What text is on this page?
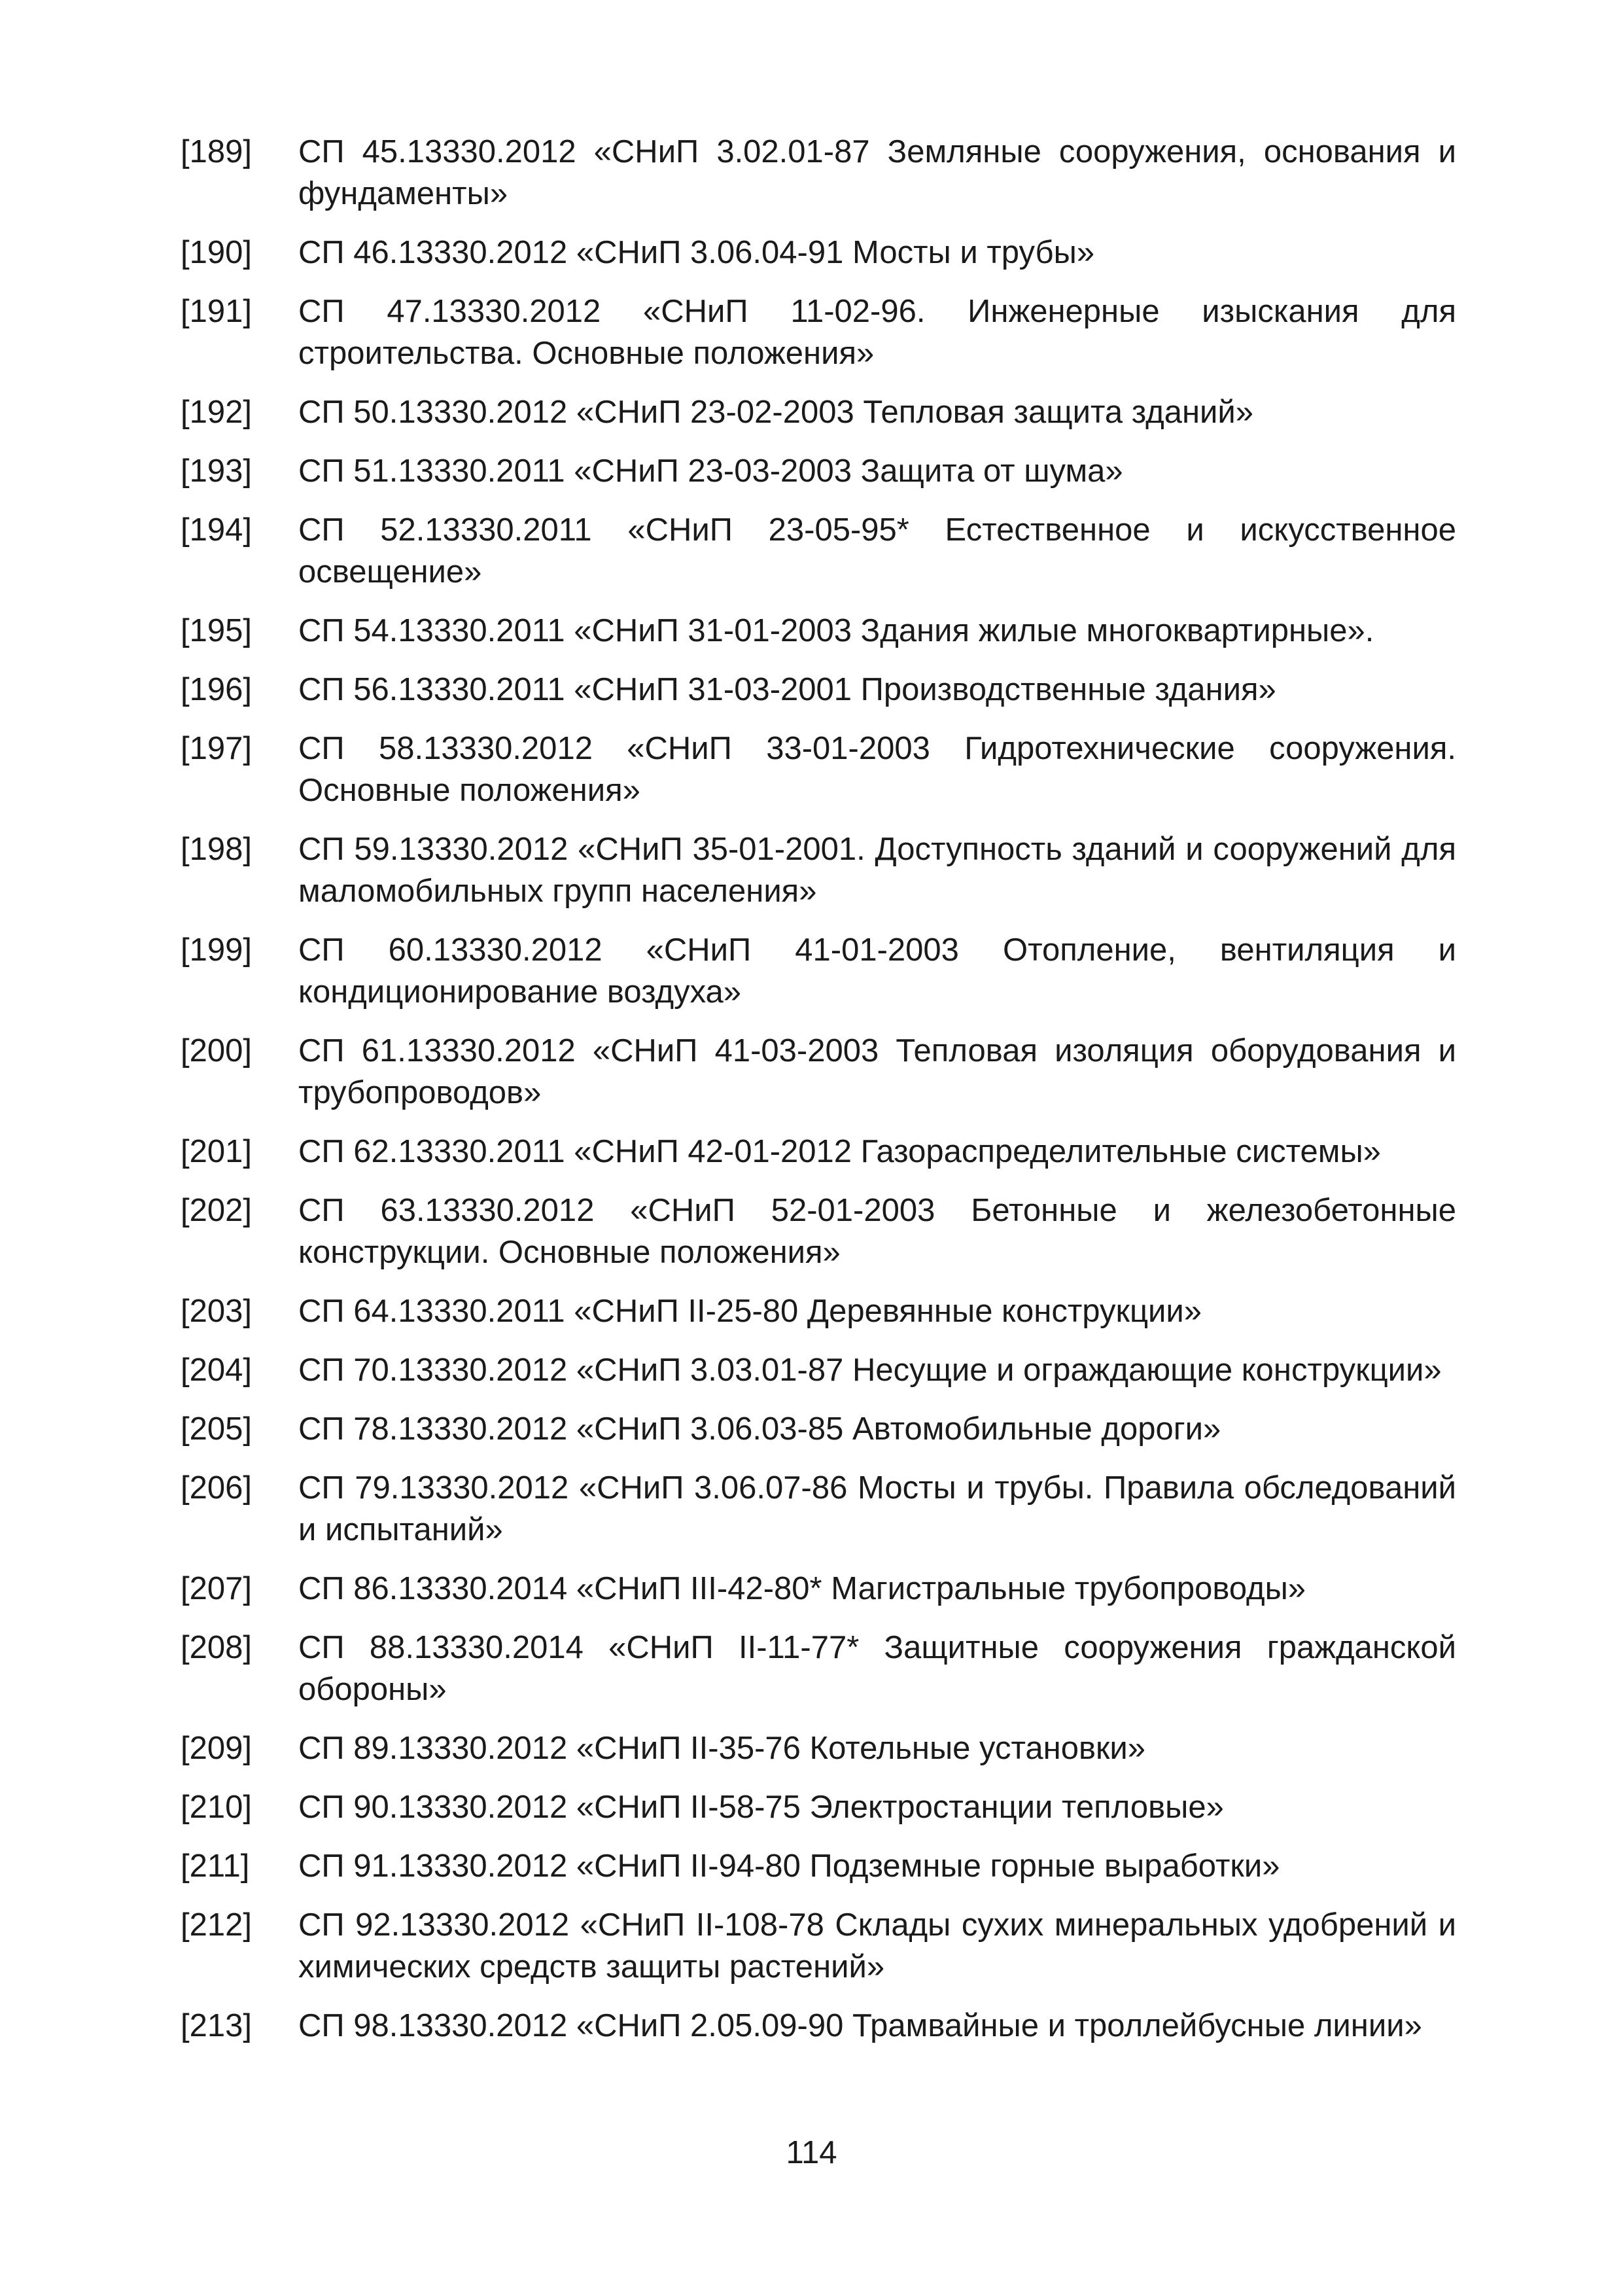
[189]	СП 45.13330.2012 «СНиП 3.02.01-87 Земляные сооружения, основания и фундаменты»
[190]	СП 46.13330.2012 «СНиП 3.06.04-91 Мосты и трубы»
[191]	СП 47.13330.2012 «СНиП 11-02-96. Инженерные изыскания для строительства. Основные положения»
[192]	СП 50.13330.2012 «СНиП 23-02-2003 Тепловая защита зданий»
[193]	СП 51.13330.2011 «СНиП 23-03-2003 Защита от шума»
[194]	СП 52.13330.2011 «СНиП 23-05-95* Естественное и искусственное освещение»
[195]	СП 54.13330.2011 «СНиП 31-01-2003 Здания жилые многоквартирные».
[196]	СП 56.13330.2011 «СНиП 31-03-2001 Производственные здания»
[197]	СП 58.13330.2012 «СНиП 33-01-2003 Гидротехнические сооружения. Основные положения»
[198]	СП 59.13330.2012 «СНиП 35-01-2001. Доступность зданий и сооружений для маломобильных групп населения»
[199]	СП 60.13330.2012 «СНиП 41-01-2003 Отопление, вентиляция и кондиционирование воздуха»
[200]	СП 61.13330.2012 «СНиП 41-03-2003 Тепловая изоляция оборудования и трубопроводов»
[201]	СП 62.13330.2011 «СНиП 42-01-2012 Газораспределительные системы»
[202]	СП 63.13330.2012 «СНиП 52-01-2003 Бетонные и железобетонные конструкции. Основные положения»
[203]	СП 64.13330.2011 «СНиП II-25-80 Деревянные конструкции»
[204]	СП 70.13330.2012 «СНиП 3.03.01-87 Несущие и ограждающие конструкции»
[205]	СП 78.13330.2012 «СНиП 3.06.03-85 Автомобильные дороги»
[206]	СП 79.13330.2012 «СНиП 3.06.07-86 Мосты и трубы. Правила обследований и испытаний»
[207]	СП 86.13330.2014 «СНиП III-42-80* Магистральные трубопроводы»
[208]	СП 88.13330.2014 «СНиП II-11-77* Защитные сооружения гражданской обороны»
[209]	СП 89.13330.2012 «СНиП II-35-76 Котельные установки»
[210]	СП 90.13330.2012 «СНиП II-58-75 Электростанции тепловые»
[211]	СП 91.13330.2012 «СНиП II-94-80 Подземные горные выработки»
[212]	СП 92.13330.2012 «СНиП II-108-78 Склады сухих минеральных удобрений и химических средств защиты растений»
[213]	СП 98.13330.2012 «СНиП 2.05.09-90 Трамвайные и троллейбусные линии»
114
